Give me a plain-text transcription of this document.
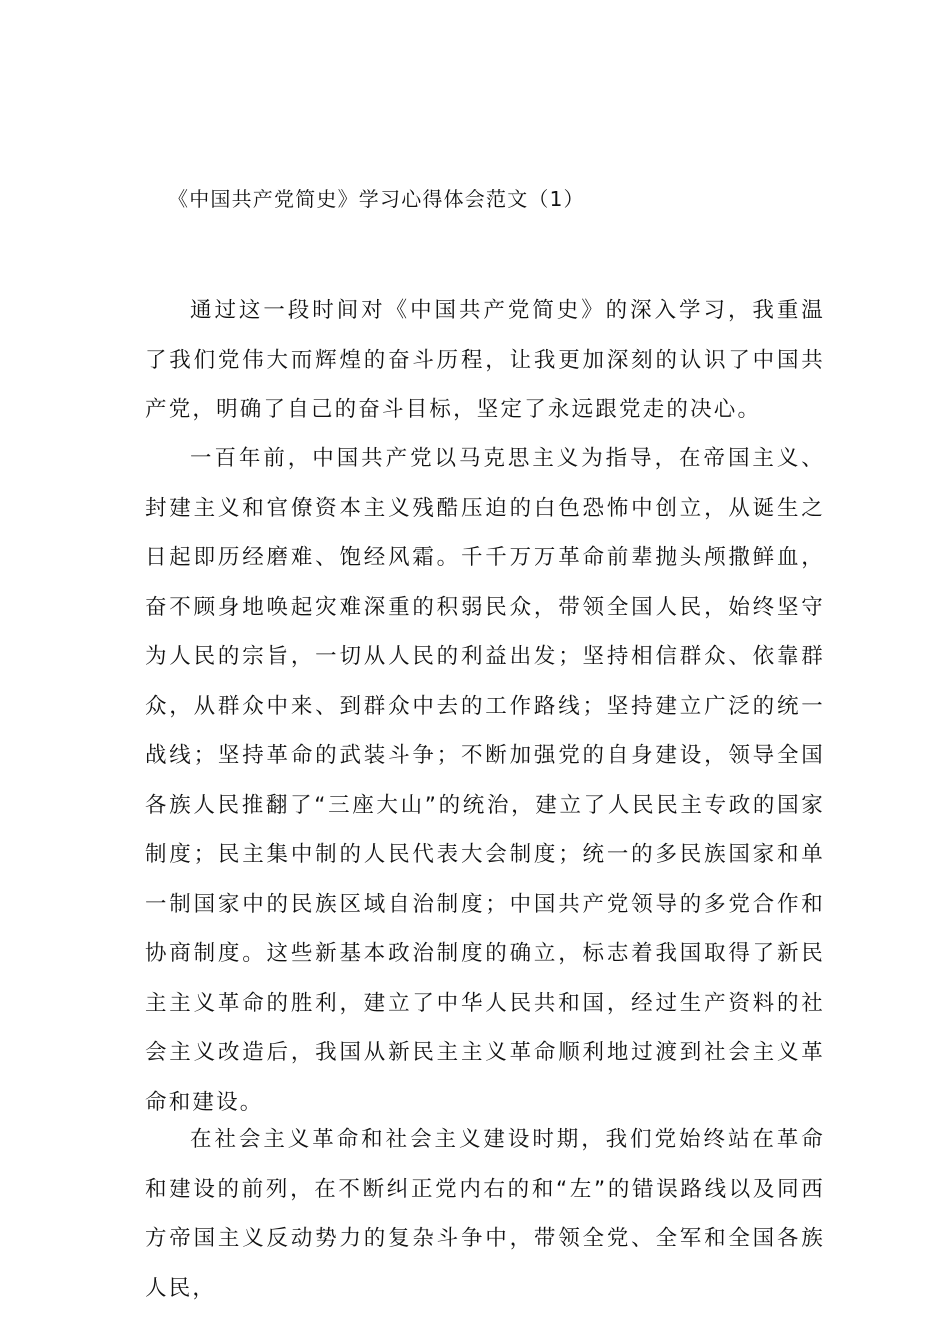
《中国共产党简史》学习心得体会范文（1）

通过这一段时间对《中国共产党简史》的深入学习，我重温了我们党伟大而辉煌的奋斗历程，让我更加深刻的认识了中国共产党，明确了自己的奋斗目标，坚定了永远跟党走的决心。

一百年前，中国共产党以马克思主义为指导，在帝国主义、封建主义和官僚资本主义残酷压迫的白色恐怖中创立，从诞生之日起即历经磨难、饱经风霜。千千万万革命前辈抛头颅撒鲜血，奋不顾身地唤起灾难深重的积弱民众，带领全国人民，始终坚守为人民的宗旨，一切从人民的利益出发；坚持相信群众、依靠群众，从群众中来、到群众中去的工作路线；坚持建立广泛的统一战线；坚持革命的武装斗争；不断加强党的自身建设，领导全国各族人民推翻了“三座大山”的统治，建立了人民民主专政的国家制度；民主集中制的人民代表大会制度；统一的多民族国家和单一制国家中的民族区域自治制度；中国共产党领导的多党合作和协商制度。这些新基本政治制度的确立，标志着我国取得了新民主主义革命的胜利，建立了中华人民共和国，经过生产资料的社会主义改造后，我国从新民主主义革命顺利地过渡到社会主义革命和建设。

在社会主义革命和社会主义建设时期，我们党始终站在革命和建设的前列，在不断纠正党内右的和“左”的错误路线以及同西方帝国主义反动势力的复杂斗争中，带领全党、全军和全国各族人民，
